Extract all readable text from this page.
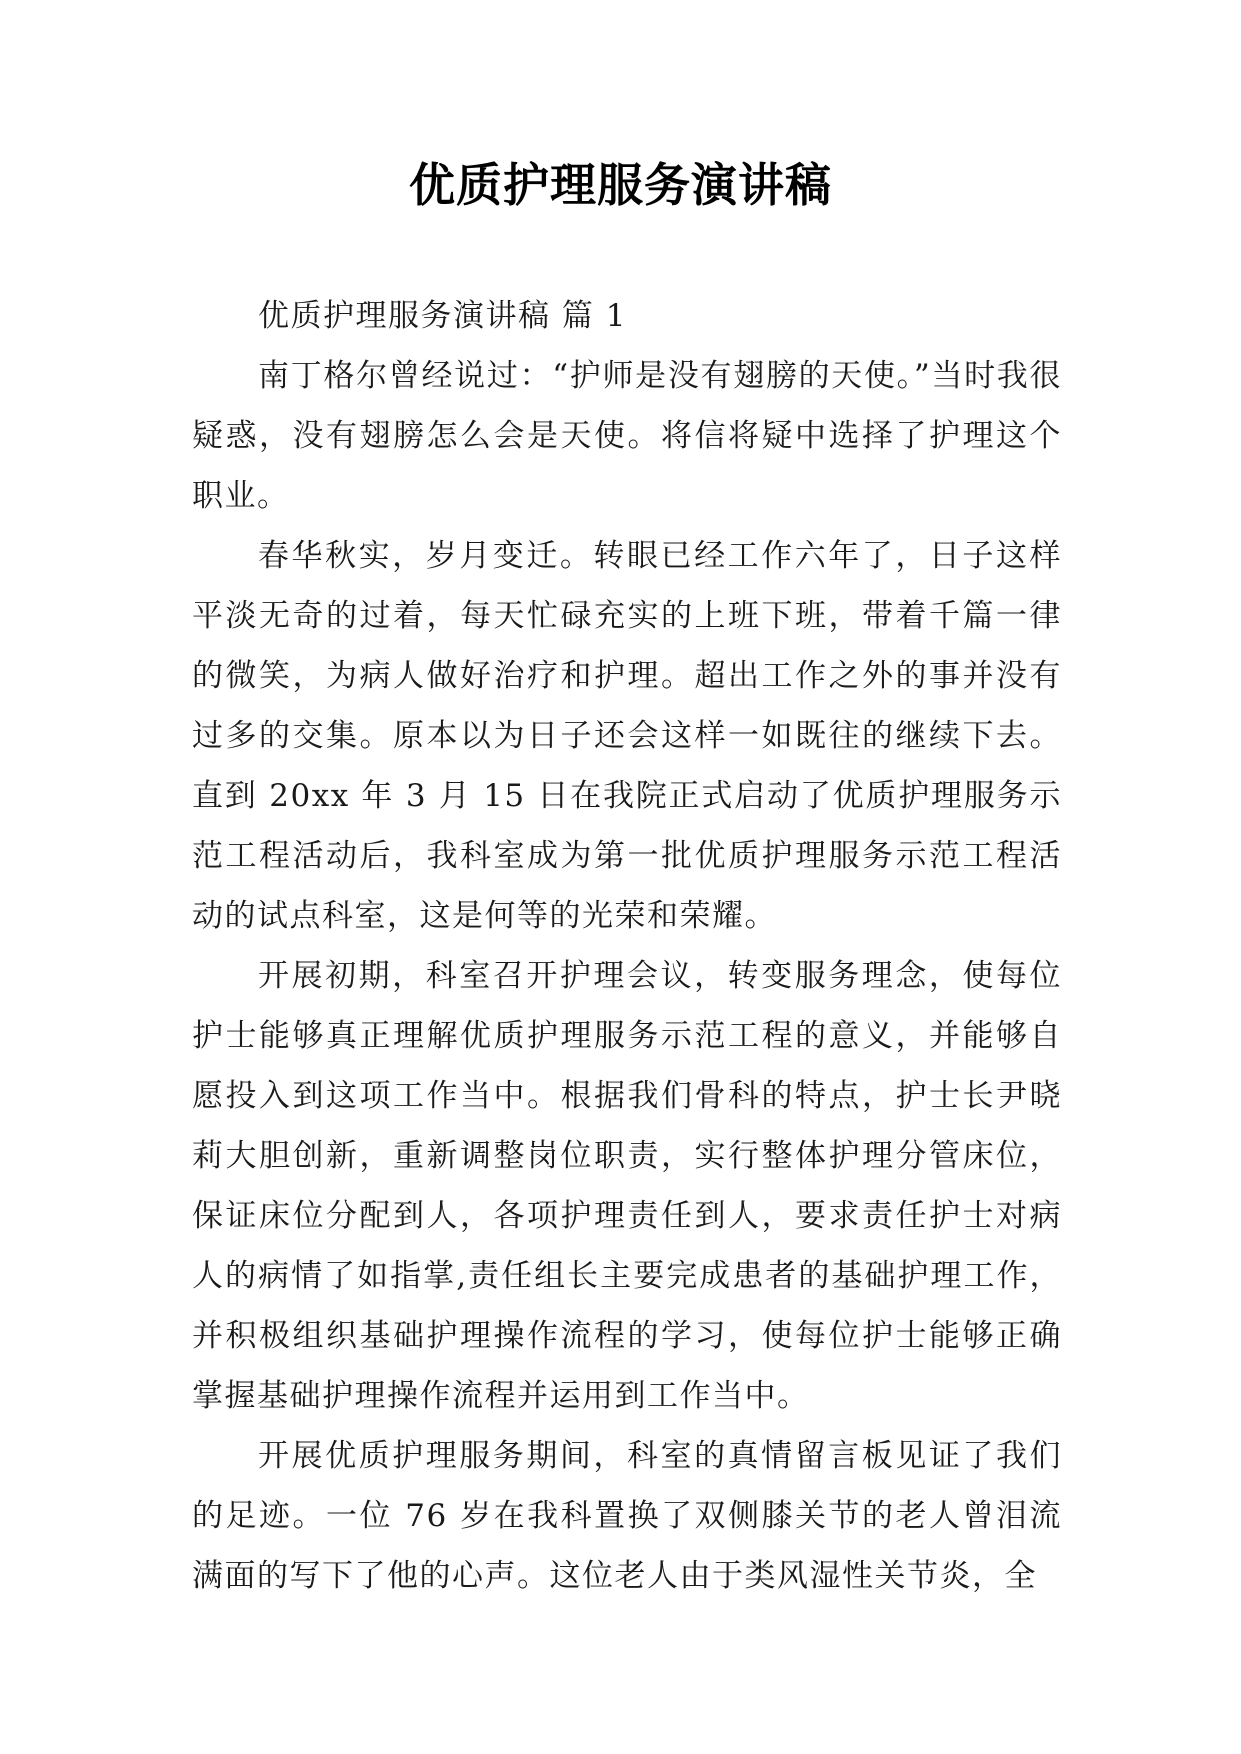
优质护理服务演讲稿

优质护理服务演讲稿 篇 1

南丁格尔曾经说过：“护师是没有翅膀的天使。”当时我很疑惑，没有翅膀怎么会是天使。将信将疑中选择了护理这个职业。

春华秋实，岁月变迁。转眼已经工作六年了，日子这样平淡无奇的过着，每天忙碌充实的上班下班，带着千篇一律的微笑，为病人做好治疗和护理。超出工作之外的事并没有过多的交集。原本以为日子还会这样一如既往的继续下去。直到 20xx 年 3 月 15 日在我院正式启动了优质护理服务示范工程活动后，我科室成为第一批优质护理服务示范工程活动的试点科室，这是何等的光荣和荣耀。

开展初期，科室召开护理会议，转变服务理念，使每位护士能够真正理解优质护理服务示范工程的意义，并能够自愿投入到这项工作当中。根据我们骨科的特点，护士长尹晓莉大胆创新，重新调整岗位职责，实行整体护理分管床位，保证床位分配到人，各项护理责任到人，要求责任护士对病人的病情了如指掌,责任组长主要完成患者的基础护理工作，并积极组织基础护理操作流程的学习，使每位护士能够正确掌握基础护理操作流程并运用到工作当中。

开展优质护理服务期间，科室的真情留言板见证了我们的足迹。一位 76 岁在我科置换了双侧膝关节的老人曾泪流满面的写下了他的心声。这位老人由于类风湿性关节炎，全
